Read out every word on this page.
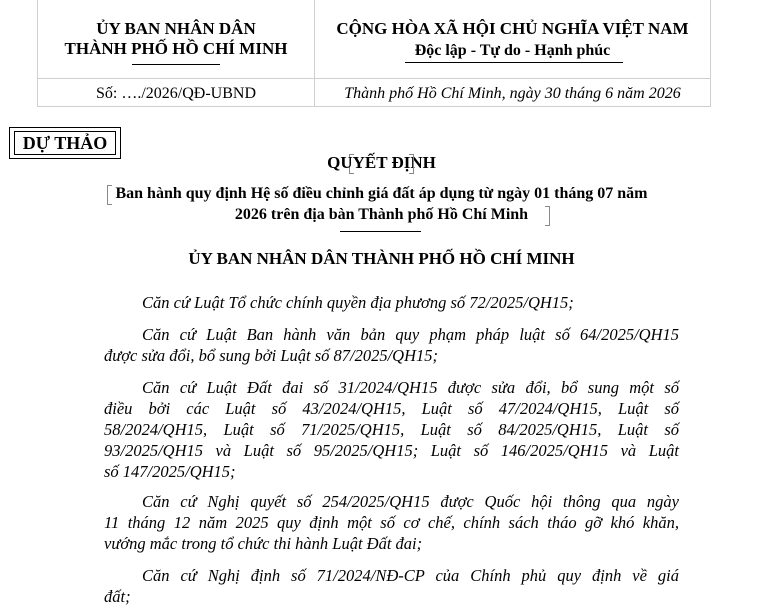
ỦY BAN NHÂN DÂN
THÀNH PHỐ HỒ CHÍ MINH
CỘNG HÒA XÃ HỘI CHỦ NGHĨA VIỆT NAM
Độc lập - Tự do - Hạnh phúc
Số: …./2026/QĐ-UBND	Thành phố Hồ Chí Minh, ngày 30 tháng 6 năm 2026
DỰ THẢO
QUYẾT ĐỊNH
Ban hành quy định Hệ số điều chỉnh giá đất áp dụng từ ngày 01 tháng 07 năm
2026 trên địa bàn Thành phố Hồ Chí Minh
ỦY BAN NHÂN DÂN THÀNH PHỐ HỒ CHÍ MINH
Căn cứ Luật Tổ chức chính quyền địa phương số 72/2025/QH15;
Căn cứ Luật Ban hành văn bản quy phạm pháp luật số 64/2025/QH15
được sửa đổi, bổ sung bởi Luật số 87/2025/QH15;
Căn cứ Luật Đất đai số 31/2024/QH15 được sửa đổi, bổ sung một số
điều bởi các Luật số 43/2024/QH15, Luật số 47/2024/QH15, Luật số
58/2024/QH15, Luật số 71/2025/QH15, Luật số 84/2025/QH15, Luật số
93/2025/QH15 và Luật số 95/2025/QH15; Luật số 146/2025/QH15 và Luật
số 147/2025/QH15;
Căn cứ Nghị quyết số 254/2025/QH15 được Quốc hội thông qua ngày
11 tháng 12 năm 2025 quy định một số cơ chế, chính sách tháo gỡ khó khăn,
vướng mắc trong tổ chức thi hành Luật Đất đai;
Căn cứ Nghị định số 71/2024/NĐ-CP của Chính phủ quy định về giá
đất;
